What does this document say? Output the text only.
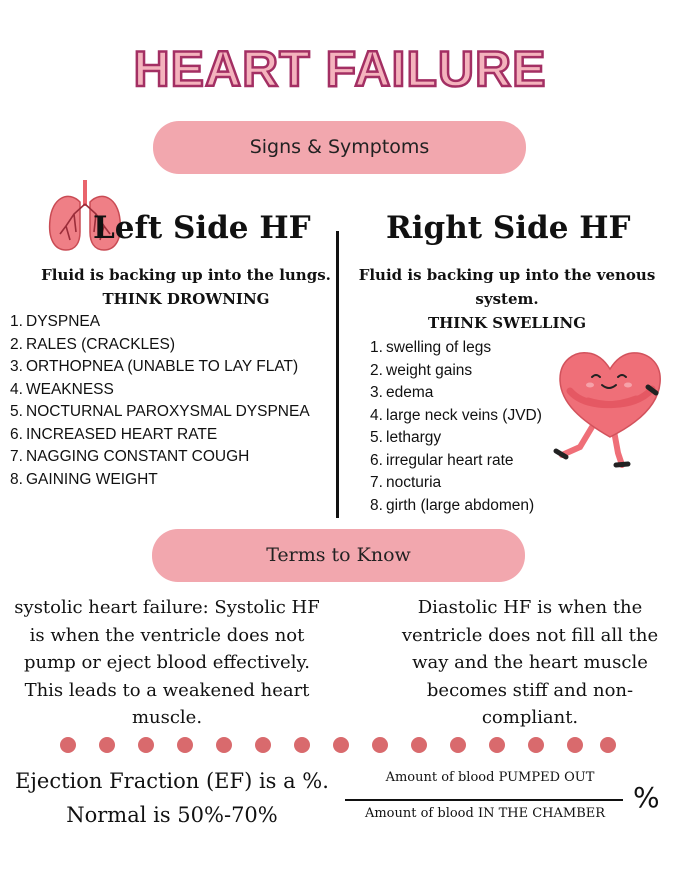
HEART FAILURE
Signs & Symptoms
Left Side HF Right Side HF
Fluid is backing up into the lungs.
THINK DROWNING
Fluid is backing up into the venous system.
THINK SWELLING
1. DYSPNEA
2. RALES (CRACKLES)
3. ORTHOPNEA (UNABLE TO LAY FLAT)
4. WEAKNESS
5. NOCTURNAL PAROXYSMAL DYSPNEA
6. INCREASED HEART RATE
7. NAGGING CONSTANT COUGH
8. GAINING WEIGHT
1. swelling of legs
2. weight gains
3. edema
4. large neck veins (JVD)
5. lethargy
6. irregular heart rate
7. nocturia
8. girth (large abdomen)
Terms to Know
systolic heart failure: Systolic HF is when the ventricle does not pump or eject blood effectively. This leads to a weakened heart muscle.
Diastolic HF is when the ventricle does not fill all the way and the heart muscle becomes stiff and non-compliant.
Ejection Fraction (EF) is a %. Normal is 50%-70%
Amount of blood PUMPED OUT
Amount of blood IN THE CHAMBER %
